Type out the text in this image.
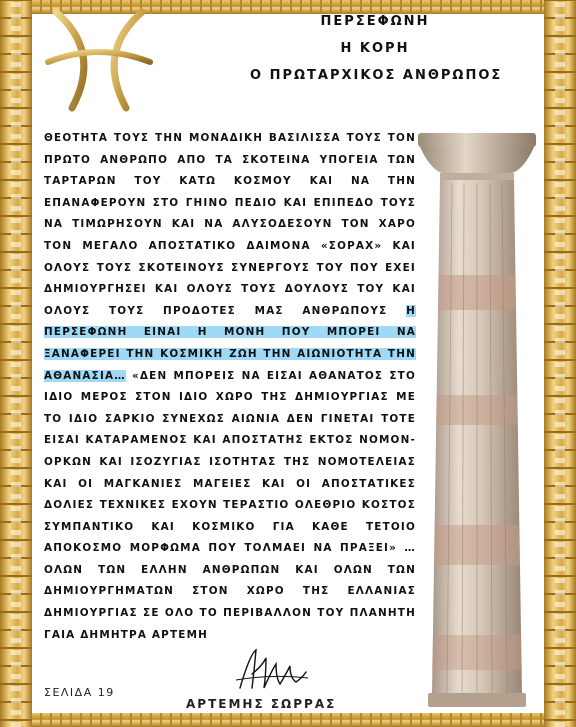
ΠΕΡΣΕΦΩΝΗ
Η ΚΟΡΗ
Ο ΠΡΩΤΑΡΧΙΚΟΣ ΑΝΘΡΩΠΟΣ
ΘΕΟΤΗΤΑ ΤΟΥΣ ΤΗΝ ΜΟΝΑΔΙΚΗ ΒΑΣΙΛΙΣΣΑ ΤΟΥΣ ΤΟΝ ΠΡΩΤΟ ΑΝΘΡΩΠΟ ΑΠΟ ΤΑ ΣΚΟΤΕΙΝΑ ΥΠΟΓΕΙΑ ΤΩΝ ΤΑΡΤΑΡΩΝ ΤΟΥ ΚΑΤΩ ΚΟΣΜΟΥ ΚΑΙ ΝΑ ΤΗΝ ΕΠΑΝΑΦΕΡΟΥΝ ΣΤΟ ΓΗΙΝΟ ΠΕΔΙΟ ΚΑΙ ΕΠΙΠΕΔΟ ΤΟΥΣ ΝΑ ΤΙΜΩΡΗΣΟΥΝ ΚΑΙ ΝΑ ΑΛΥΣΟΔΕΣΟΥΝ ΤΟΝ ΧΑΡΟ ΤΟΝ ΜΕΓΑΛΟ ΑΠΟΣΤΑΤΙΚΟ ΔΑΙΜΟΝΑ «ΣΟΡΑΧ» ΚΑΙ ΟΛΟΥΣ ΤΟΥΣ ΣΚΟΤΕΙΝΟΥΣ ΣΥΝΕΡΓΟΥΣ ΤΟΥ ΠΟΥ ΕΧΕΙ ΔΗΜΙΟΥΡΓΗΣΕΙ ΚΑΙ ΟΛΟΥΣ ΤΟΥΣ ΔΟΥΛΟΥΣ ΤΟΥ ΚΑΙ ΟΛΟΥΣ ΤΟΥΣ ΠΡΟΔΟΤΕΣ ΜΑΣ ΑΝΘΡΩΠΟΥΣ Η ΠΕΡΣΕΦΩΝΗ ΕΙΝΑΙ Η ΜΟΝΗ ΠΟΥ ΜΠΟΡΕΙ ΝΑ ΞΑΝΑΦΕΡΕΙ ΤΗΝ ΚΟΣΜΙΚΗ ΖΩΗ ΤΗΝ ΑΙΩΝΙΟΤΗΤΑ ΤΗΝ ΑΘΑΝΑΣΙΑ… «ΔΕΝ ΜΠΟΡΕΙΣ ΝΑ ΕΙΣΑΙ ΑΘΑΝΑΤΟΣ ΣΤΟ ΙΔΙΟ ΜΕΡΟΣ ΣΤΟΝ ΙΔΙΟ ΧΩΡΟ ΤΗΣ ΔΗΜΙΟΥΡΓΙΑΣ ΜΕ ΤΟ ΙΔΙΟ ΣΑΡΚΙΟ ΣΥΝΕΧΩΣ ΑΙΩΝΙΑ ΔΕΝ ΓΙΝΕΤΑΙ ΤΟΤΕ ΕΙΣΑΙ ΚΑΤΑΡΑΜΕΝΟΣ ΚΑΙ ΑΠΟΣΤΑΤΗΣ ΕΚΤΟΣ ΝΟΜΟΝ-ΟΡΚΩΝ ΚΑΙ ΙΣΟΖΥΓΙΑΣ ΙΣΟΤΗΤΑΣ ΤΗΣ ΝΟΜΟΤΕΛΕΙΑΣ ΚΑΙ ΟΙ ΜΑΓΚΑΝΙΕΣ ΜΑΓΕΙΕΣ ΚΑΙ ΟΙ ΑΠΟΣΤΑΤΙΚΕΣ ΔΟΛΙΕΣ ΤΕΧΝΙΚΕΣ ΕΧΟΥΝ ΤΕΡΑΣΤΙΟ ΟΛΕΘΡΙΟ ΚΟΣΤΟΣ ΣΥΜΠΑΝΤΙΚΟ ΚΑΙ ΚΟΣΜΙΚΟ ΓΙΑ ΚΑΘΕ ΤΕΤΟΙΟ ΑΠΟΚΟΣΜΟ ΜΟΡΦΩΜΑ ΠΟΥ ΤΟΛΜΑΕΙ ΝΑ ΠΡΑΞΕΙ» … ΟΛΩΝ ΤΩΝ ΕΛΛΗΝ ΑΝΘΡΩΠΩΝ ΚΑΙ ΟΛΩΝ ΤΩΝ ΔΗΜΙΟΥΡΓΗΜΑΤΩΝ ΣΤΟΝ ΧΩΡΟ ΤΗΣ ΕΛΛΑΝΙΑΣ ΔΗΜΙΟΥΡΓΙΑΣ ΣΕ ΟΛΟ ΤΟ ΠΕΡΙΒΑΛΛΟΝ ΤΟΥ ΠΛΑΝΗΤΗ ΓΑΙΑ ΔΗΜΗΤΡΑ ΑΡΤΕΜΗ
ΣΕΛΙΔΑ 19
ΑΡΤΕΜΗΣ ΣΩΡΡΑΣ
